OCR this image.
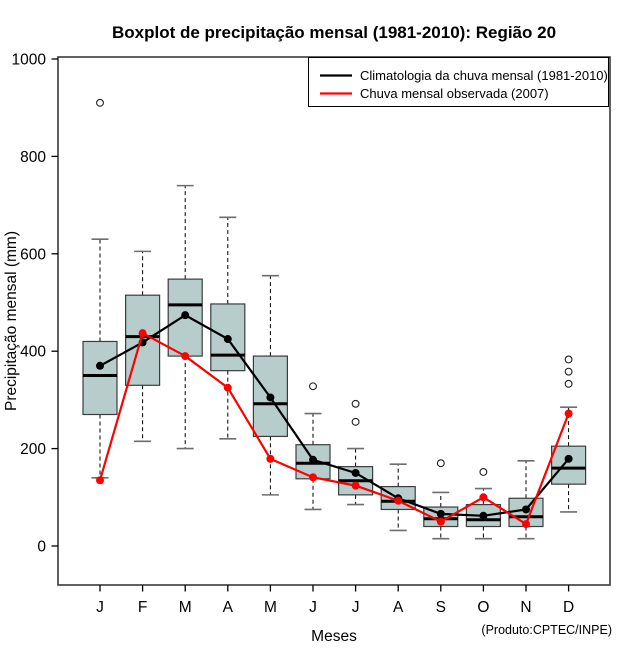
0
200
400
600
800
1000
J F M A M J J A S O N D
Climatologia da chuva mensal (1981-2010)
Chuva mensal observada (2007)
Boxplot de precipitação mensal (1981-2010): Região 20
Precipitação mensal (mm)
Meses	(Produto:CPTEC/INPE)
